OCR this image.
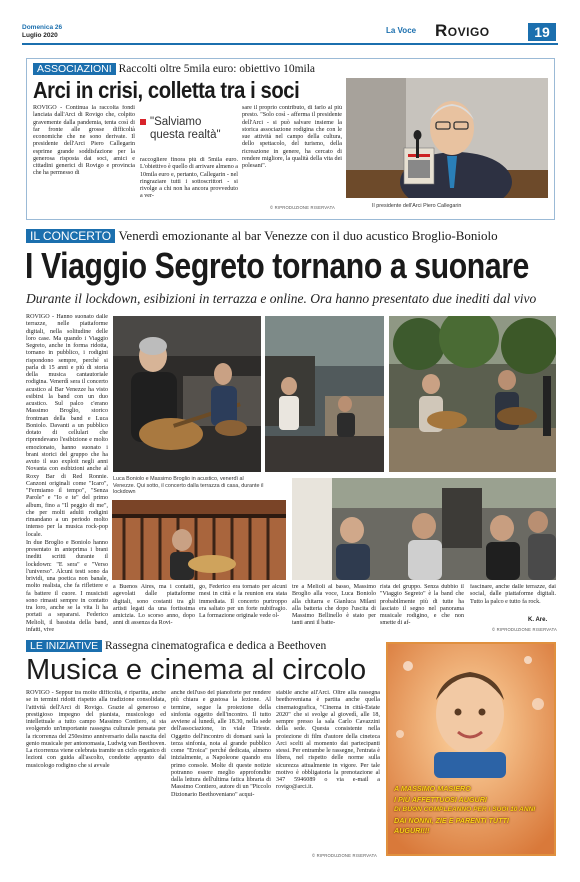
Domenica 26
Luglio 2020	La Voce Rovigo	19
ASSOCIAZIONI Raccolti oltre 5mila euro: obiettivo 10mila
Arci in crisi, colletta tra i soci

ROVIGO - Continua la raccolta fondi lanciata dall'Arci di Rovigo che, colpito gravemente dalla pandemia, tenta così di far fronte alle grosse difficoltà economiche che ne sono derivate. Il presidente dell'Arci Piero Callegarin esprime grande soddisfazione per la generosa risposta dai soci, amici e cittadini generici di Rovigo e provincia che ha permesso di

"Salviamo questa realtà"

raccogliere finora più di 5mila euro. L'obiettivo è quello di arrivare almeno a 10mila euro e, pertanto, Callegarin - nel ringraziare tutti i sottoscrittori - si rivolge a chi non ha ancora provveduto a ver-

sare il proprio contributo, di farlo al più presto. "Solo così - afferma il presidente dell'Arci - si può salvare insieme la storica associazione rodigina che con le sue attività nel campo della cultura, dello spettacolo, del turismo, della ricreazione in genere, ha cercato di rendere migliore, la qualità della vita dei polesani".

© RIPRODUZIONE RISERVATA	Il presidente dell'Arci Piero Callegarin
IL CONCERTO Venerdì emozionante al bar Venezze con il duo acustico Broglio-Boniolo
I Viaggio Segreto tornano a suonare
Durante il lockdown, esibizioni in terrazza e online. Ora hanno presentato due inediti dal vivo

ROVIGO - Hanno suonato dalle terrazze, nelle piattaforme digitali, nella solitudine delle loro case. Ma quando i Viaggio Segreto, anche in forma ridotta, tornano in pubblico, i rodigini rispondono sempre, perché si parla di 15 anni e più di storia della musica cantautoriale rodigina. Venerdì sera il concerto acustico al Bar Venezze ha visto esibirsi la band con un duo acustico. Sul palco c'erano Massimo Broglio, storico frontman della band e Luca Boniolo. Davanti a un pubblico dotato di cellulari che riprendevano l'esibizione e molto emozionato, hanno suonato i brani storici del gruppo che ha avuto il suo exploit negli anni Novanta con esibizioni anche al Roxy Bar di Red Ronnie. Canzoni originali come "Icaro", "Fermiamo il tempo", "Senza Parole" e "Io e te" del primo album, fino a "Il peggio di me", che per molti adulti rodigini rimandano a un periodo molto intenso per la musica rock-pop locale.

In due Broglio e Boniolo hanno presentato in anteprima i brani inediti scritti durante il lockdown: "E sera" e "Verso l'universo". Alcuni testi sono da brividi, una poetica non banale, molto realista, che fa riflettere e fa battere il cuore. I musicisti sono rimasti sempre in contatto tra loro, anche se la vita li ha portati a separarsi. Federico Melioli, il bassista della band, infatti, vive

Luca Boniolo e Massimo Broglio in acustico, venerdì al Venezze. Qui sotto, il concerto dalla terrazza di casa, durante il lockdown

a Buenos Aires, ma i contatti, agevolati dalle piattaforme digitali, sono costanti tra gli artisti legati da una fortissima amicizia. Lo scorso anno, dopo anni di assenza da Rovi-

go, Federico era tornato per alcuni mesi in città e la reunion era stata immediata. Il concerto purtroppo era saltato per un forte nubifragio. La formazione originale vede ol-

tre a Melioli al basso, Massimo Broglio alla voce, Luca Boniolo alla chitarra e Gianluca Milani alla batteria che dopo l'uscita di Massimo Bellinello è stato per tanti anni il batte-

rista del gruppo. Senza dubbio il "Viaggio Segreto" è la band che probabilmente più di tutte ha lasciato il segno nel panorama musicale rodigino, e che non smette di af-

fascinare, anche dalle terrazze, dai social, dalle piattaforme digitali. Tutto la palco e tutto fa rock.

K. Are.
© RIPRODUZIONE RISERVATA
LE INIZIATIVE Rassegna cinematografica e dedica a Beethoven
Musica e cinema al circolo

ROVIGO - Seppur tra molte difficoltà, è ripartita, anche se in termini ridotti rispetto alla tradizione consolidata, l'attività dell'Arci di Rovigo. Grazie al generoso e prestigioso impegno del pianista, musicologo ed intellettuale a tutto campo Massimo Contiero, si sta svolgendo un'importante rassegna culturale pensata per la ricorrenza del 250esimo anniversario dalla nascita del genio musicale per antonomasia, Ludwig van Beethoven. La ricorrenza viene celebrata tramite un ciclo organico di lezioni con guida all'ascolto, condotte appunto dal musicologo rodigino che si avvale

anche dell'uso del pianoforte per rendere più chiara e gustosa la lezione. Al termine, segue la proiezione della sinfonia oggetto dell'incontro. Il tutto avviene al lunedì, alle 18.30, nella sede dell'associazione, in viale Trieste. Oggetto dell'incontro di domani sarà la terza sinfonia, nota al grande pubblico come "Eroica" perché dedicata, almeno inizialmente, a Napoleone quando era primo console. Molte di queste notizie potranno essere meglio approfondite dalla lettura dell'ultima fatica libraria di Massimo Contiero, autore di un "Piccolo Dizionario Beethoveniano" acqui-

stabile anche all'Arci. Oltre alla rassegna beethoveniana è partita anche quella cinematografica, "Cinema in città-Estate 2020" che si svolge al giovedì, alle 18, sempre presso la sala Carlo Cavazzini della sede. Questa consistente nella proiezione di film d'autore della cineteca Arci scelti al momento dai partecipanti stessi. Per entrambe le rassegne, l'entrata è libera, nel rispetto delle norme sulla sicurezza attualmente in vigore. Per tale motivo è obbligatoria la prenotazione al 347 5946089 o via e-mail a rovigo@arci.it.

© RIPRODUZIONE RISERVATA
A MASSIMO MASIERO
I PIÙ AFFETTUOSI AUGURI
DI BUON COMPLEANNO PER I SUOI 10 ANNI
DAI NONNI, ZIE E PARENTI TUTTI
AUGURI!!!
